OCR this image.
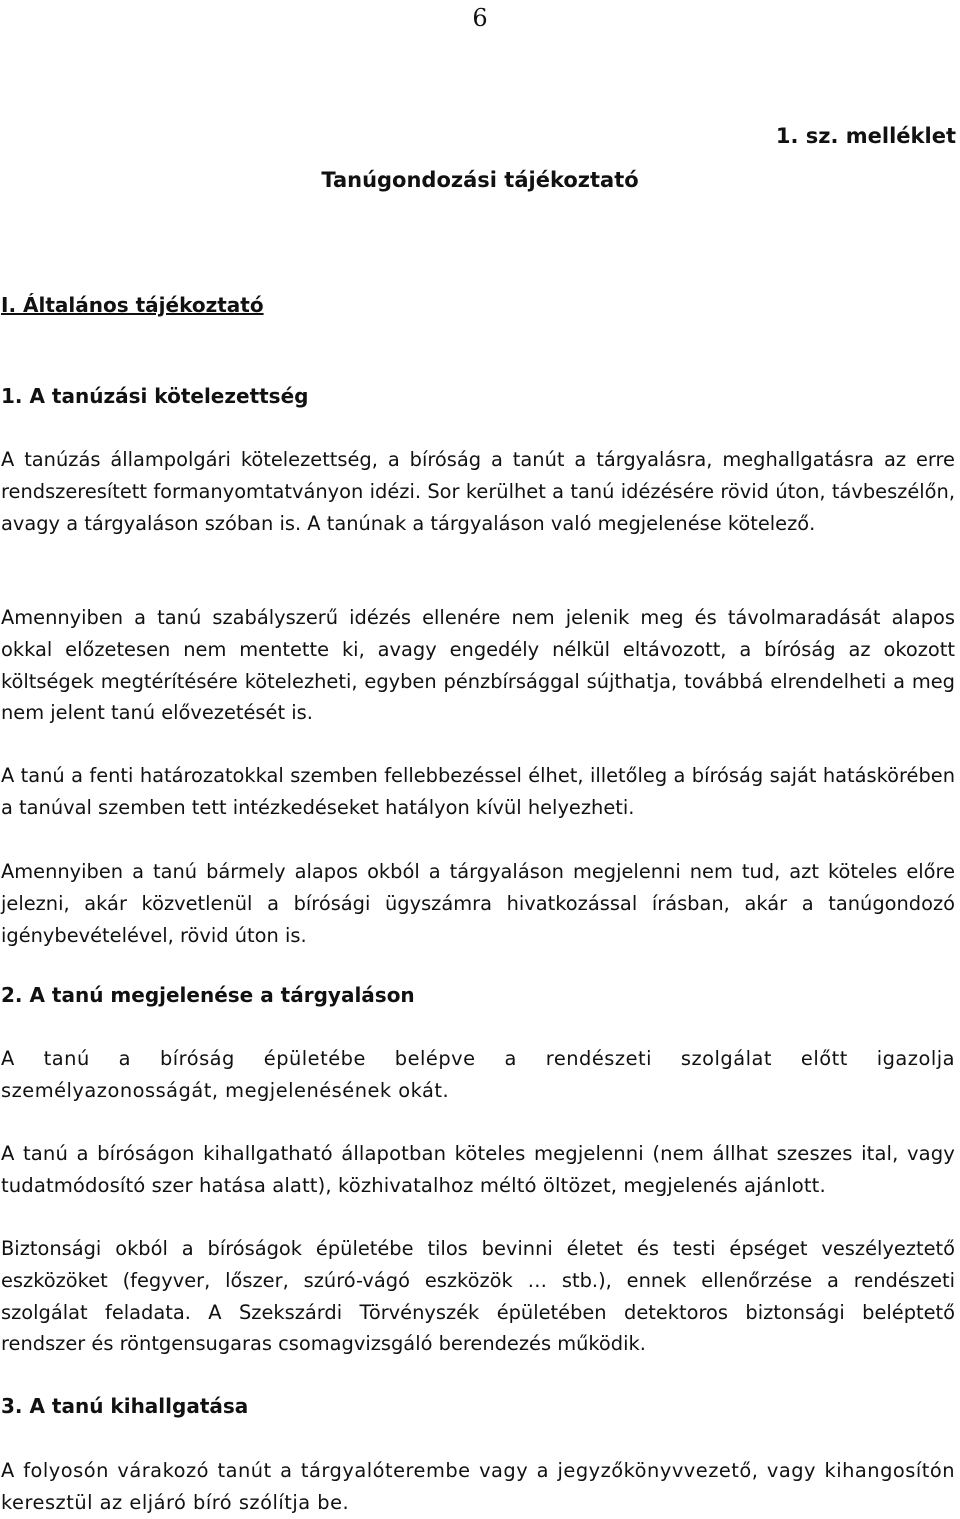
6
1. sz. melléklet
Tanúgondozási tájékoztató
I. Általános tájékoztató
1. A tanúzási kötelezettség

A tanúzás állampolgári kötelezettség, a bíróság a tanút a tárgyalásra, meghallgatásra az erre rendszeresített formanyomtatványon idézi. Sor kerülhet a tanú idézésére rövid úton, távbeszélőn, avagy a tárgyaláson szóban is. A tanúnak a tárgyaláson való megjelenése kötelező.

Amennyiben a tanú szabályszerű idézés ellenére nem jelenik meg és távolmaradását alapos okkal előzetesen nem mentette ki, avagy engedély nélkül eltávozott, a bíróság az okozott költségek megtérítésére kötelezheti, egyben pénzbírsággal sújthatja, továbbá elrendelheti a meg nem jelent tanú elővezetését is.

A tanú a fenti határozatokkal szemben fellebbezéssel élhet, illetőleg a bíróság saját hatáskörében a tanúval szemben tett intézkedéseket hatályon kívül helyezheti.

Amennyiben a tanú bármely alapos okból a tárgyaláson megjelenni nem tud, azt köteles előre jelezni, akár közvetlenül a bírósági ügyszámra hivatkozással írásban, akár a tanúgondozó igénybevételével, rövid úton is.

2. A tanú megjelenése a tárgyaláson

A tanú a bíróság épületébe belépve a rendészeti szolgálat előtt igazolja személyazonosságát, megjelenésének okát.

A tanú a bíróságon kihallgatható állapotban köteles megjelenni (nem állhat szeszes ital, vagy tudatmódosító szer hatása alatt), közhivatalhoz méltó öltözet, megjelenés ajánlott.

Biztonsági okból a bíróságok épületébe tilos bevinni életet és testi épséget veszélyeztető eszközöket (fegyver, lőszer, szúró-vágó eszközök … stb.), ennek ellenőrzése a rendészeti szolgálat feladata. A Szekszárdi Törvényszék épületében detektoros biztonsági beléptető rendszer és röntgensugaras csomagvizsgáló berendezés működik.

3. A tanú kihallgatása

A folyosón várakozó tanút a tárgyalóterembe vagy a jegyzőkönyvvezető, vagy kihangosítón keresztül az eljáró bíró szólítja be.
